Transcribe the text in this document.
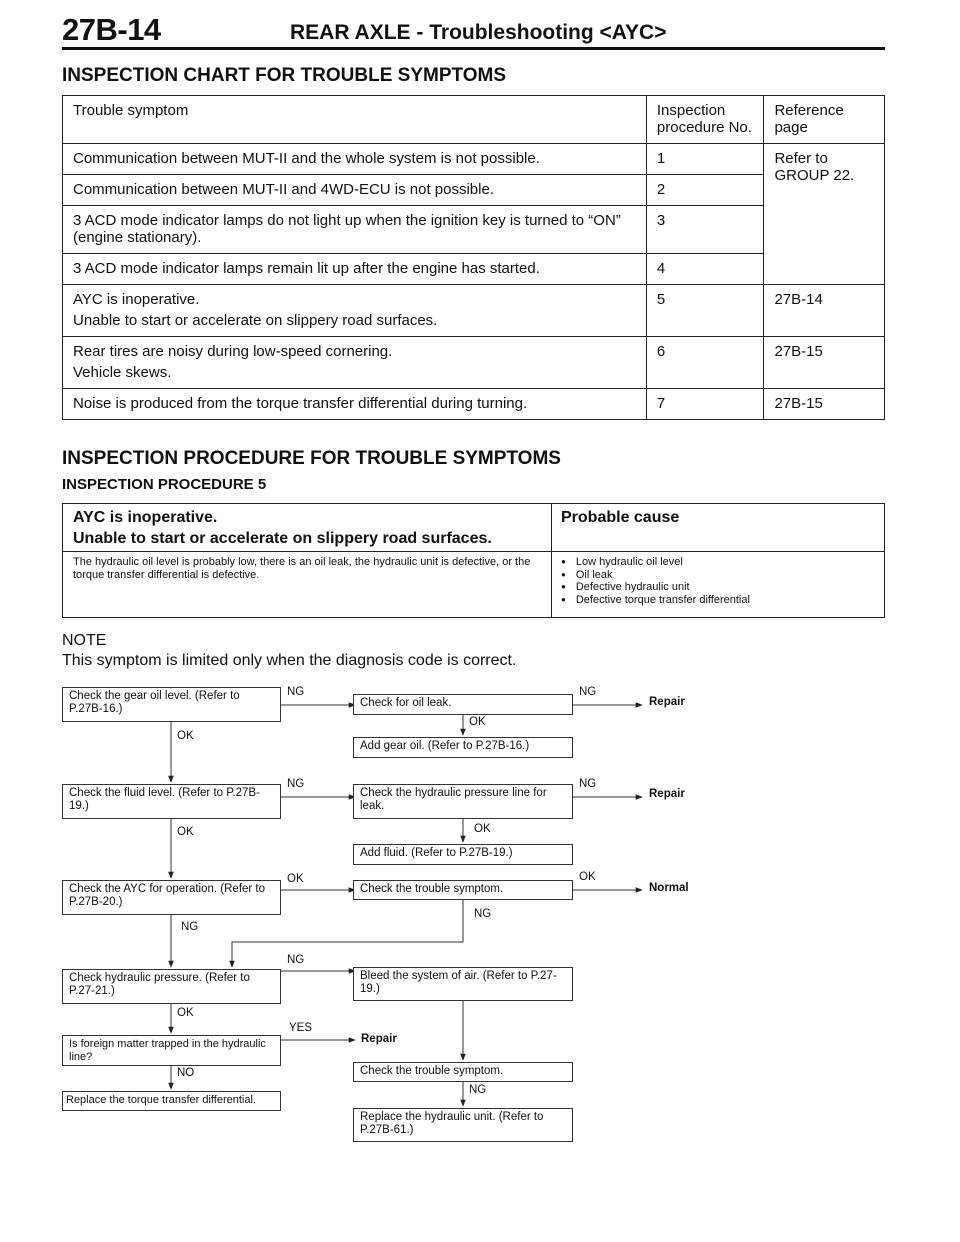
27B-14	REAR AXLE - Troubleshooting <AYC>
INSPECTION CHART FOR TROUBLE SYMPTOMS
Trouble symptom	Inspection procedure No.	Reference page
Communication between MUT-II and the whole system is not possible.	1	Refer to GROUP 22.
Communication between MUT-II and 4WD-ECU is not possible.	2	
3 ACD mode indicator lamps do not light up when the ignition key is turned to “ON” (engine stationary).	3	
3 ACD mode indicator lamps remain lit up after the engine has started.	4	

AYC is inoperative.
Unable to start or accelerate on slippery road surfaces.	5	27B-14

Rear tires are noisy during low-speed cornering.
Vehicle skews.	6	27B-15
Noise is produced from the torque transfer differential during turning.	7	27B-15
INSPECTION PROCEDURE FOR TROUBLE SYMPTOMS
INSPECTION PROCEDURE 5
AYC is inoperative.
Unable to start or accelerate on slippery road surfaces.
Probable cause
The hydraulic oil level is probably low, there is an oil leak, the hydraulic unit is defective, or the torque transfer differential is defective.
● Low hydraulic oil level
● Oil leak
● Defective hydraulic unit
● Defective torque transfer differential
NOTE
This symptom is limited only when the diagnosis code is correct.
Check the gear oil level. (Refer to P.27B-16.)	Check for oil leak.
Add gear oil. (Refer to P.27B-16.)
Check the fluid level. (Refer to P.27B-19.)
Check the hydraulic pressure line for leak.
Add fluid. (Refer to P.27B-19.)
Check the AYC for operation. (Refer to P.27B-20.)
Check the trouble symptom.
Check hydraulic pressure. (Refer to P.27-21.)
Bleed the system of air. (Refer to P.27-19.)
Is foreign matter trapped in the hydraulic line?
Check the trouble symptom.
Replace the torque transfer differential.
Replace the hydraulic unit. (Refer to P.27B-61.)
NG	NG
OK
OK
NG	NG
OK	OK
OK	OK
NG
NG
NG
OK
YES
NO
NG
Repair
Repair
Normal
Repair
